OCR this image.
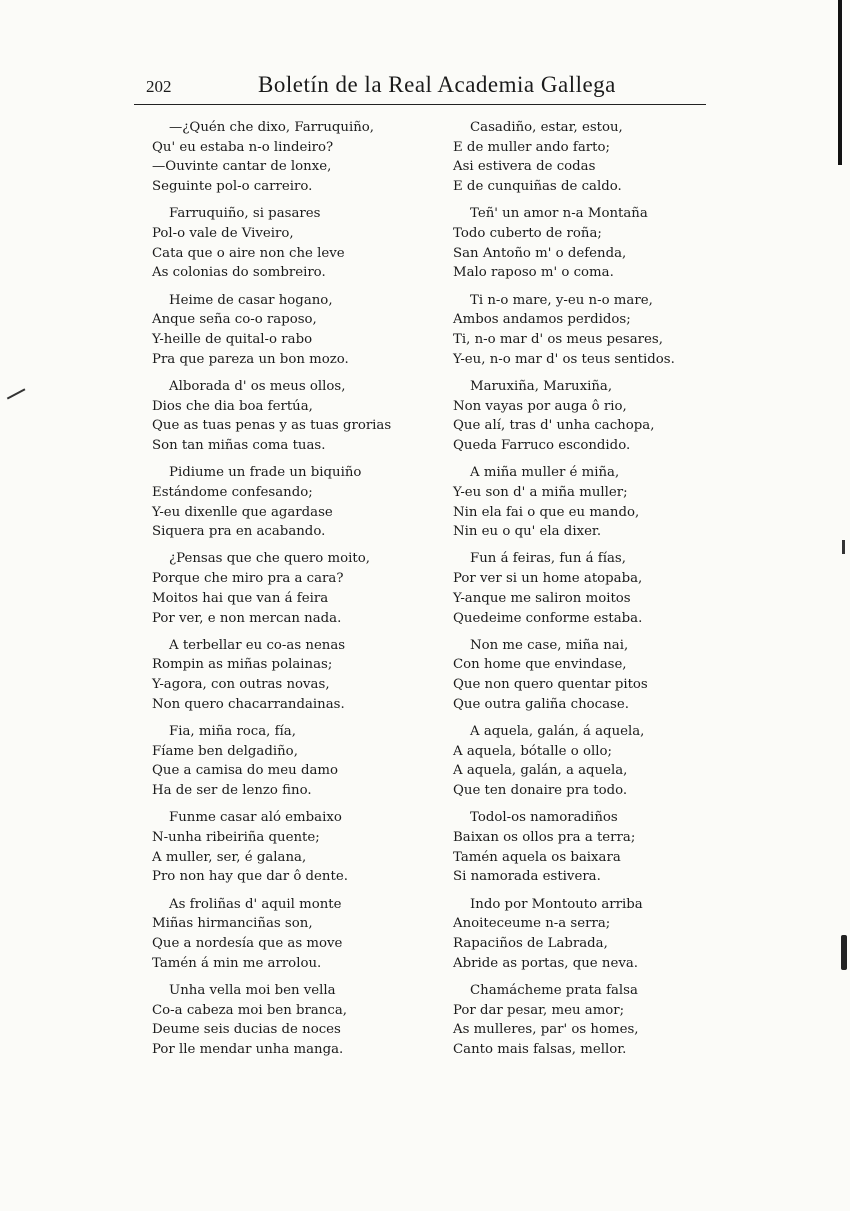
202	Boletín de la Real Academia Gallega
—¿Quén che dixo, Farruquiño,
Qu' eu estaba n-o lindeiro?
—Ouvinte cantar de lonxe,
Seguinte pol-o carreiro.
Farruquiño, si pasares
Pol-o vale de Viveiro,
Cata que o aire non che leve
As colonias do sombreiro.
Heime de casar hogano,
Anque seña co-o raposo,
Y-heille de quital-o rabo
Pra que pareza un bon mozo.
Alborada d' os meus ollos,
Dios che dia boa fertúa,
Que as tuas penas y as tuas grorias
Son tan miñas coma tuas.
Pidiume un frade un biquiño
Estándome confesando;
Y-eu dixenlle que agardase
Siquera pra en acabando.
¿Pensas que che quero moito,
Porque che miro pra a cara?
Moitos hai que van á feira
Por ver, e non mercan nada.
A terbellar eu co-as nenas
Rompin as miñas polainas;
Y-agora, con outras novas,
Non quero chacarrandainas.
Fia, miña roca, fía,
Fíame ben delgadiño,
Que a camisa do meu damo
Ha de ser de lenzo fino.
Funme casar aló embaixo
N-unha ribeiriña quente;
A muller, ser, é galana,
Pro non hay que dar ô dente.
As froliñas d' aquil monte
Miñas hirmanciñas son,
Que a nordesía que as move
Tamén á min me arrolou.
Unha vella moi ben vella
Co-a cabeza moi ben branca,
Deume seis ducias de noces
Por lle mendar unha manga.
Casadiño, estar, estou,
E de muller ando farto;
Asi estivera de codas
E de cunquiñas de caldo.
Teñ' un amor n-a Montaña
Todo cuberto de roña;
San Antoño m' o defenda,
Malo raposo m' o coma.
Ti n-o mare, y-eu n-o mare,
Ambos andamos perdidos;
Ti, n-o mar d' os meus pesares,
Y-eu, n-o mar d' os teus sentidos.
Maruxiña, Maruxiña,
Non vayas por auga ô rio,
Que alí, tras d' unha cachopa,
Queda Farruco escondido.
A miña muller é miña,
Y-eu son d' a miña muller;
Nin ela fai o que eu mando,
Nin eu o qu' ela dixer.
Fun á feiras, fun á fías,
Por ver si un home atopaba,
Y-anque me saliron moitos
Quedeime conforme estaba.
Non me case, miña nai,
Con home que envindase,
Que non quero quentar pitos
Que outra galiña chocase.
A aquela, galán, á aquela,
A aquela, bótalle o ollo;
A aquela, galán, a aquela,
Que ten donaire pra todo.
Todol-os namoradiños
Baixan os ollos pra a terra;
Tamén aquela os baixara
Si namorada estivera.
Indo por Montouto arriba
Anoiteceume n-a serra;
Rapaciños de Labrada,
Abride as portas, que neva.
Chamácheme prata falsa
Por dar pesar, meu amor;
As mulleres, par' os homes,
Canto mais falsas, mellor.
